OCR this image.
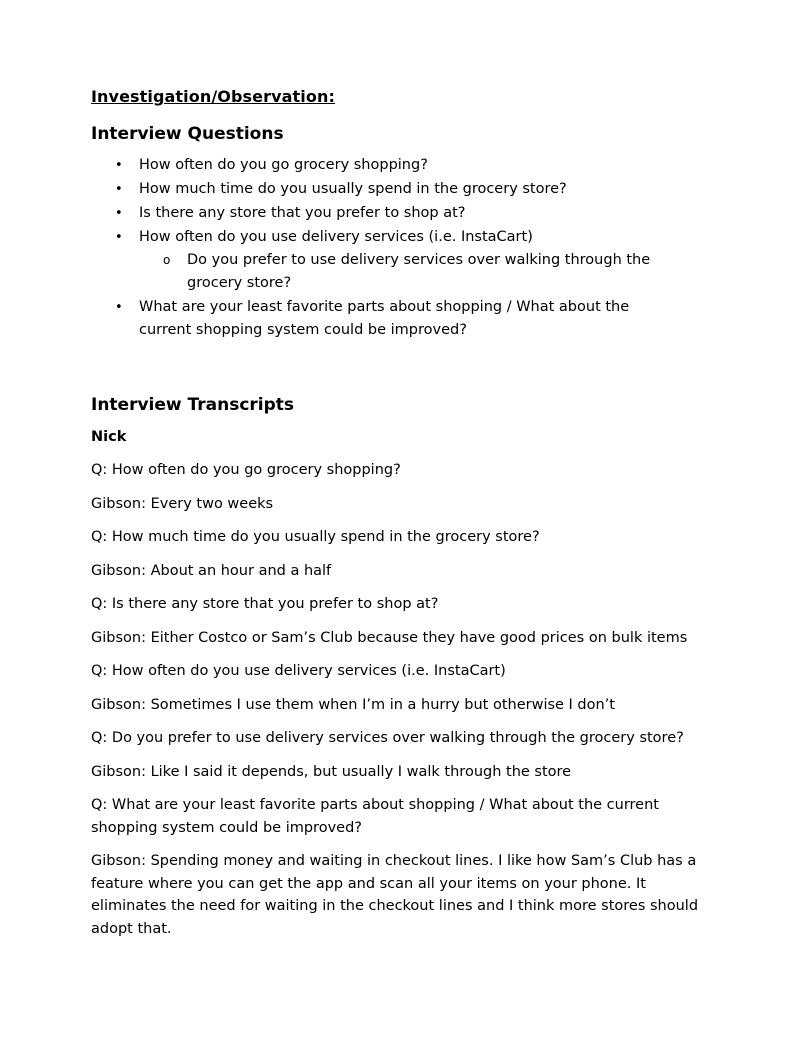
Investigation/Observation:
Interview Questions
•	How often do you go grocery shopping?
•	How much time do you usually spend in the grocery store?
•	Is there any store that you prefer to shop at?
•	How often do you use delivery services (i.e. InstaCart)
o Do you prefer to use delivery services over walking through the grocery store?
•	What are your least favorite parts about shopping / What about the current shopping system could be improved?
Interview Transcripts
Nick

Q: How often do you go grocery shopping?

Gibson: Every two weeks

Q: How much time do you usually spend in the grocery store?

Gibson: About an hour and a half

Q: Is there any store that you prefer to shop at?

Gibson: Either Costco or Sam’s Club because they have good prices on bulk items

Q: How often do you use delivery services (i.e. InstaCart)

Gibson: Sometimes I use them when I’m in a hurry but otherwise I don’t

Q: Do you prefer to use delivery services over walking through the grocery store?

Gibson: Like I said it depends, but usually I walk through the store

Q: What are your least favorite parts about shopping / What about the current shopping system could be improved?

Gibson: Spending money and waiting in checkout lines. I like how Sam’s Club has a feature where you can get the app and scan all your items on your phone. It eliminates the need for waiting in the checkout lines and I think more stores should adopt that.
